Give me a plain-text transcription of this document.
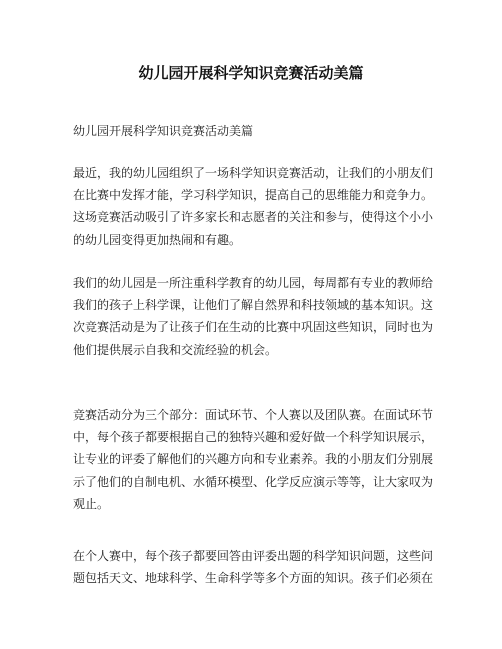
幼儿园开展科学知识竞赛活动美篇

幼儿园开展科学知识竞赛活动美篇

最近，我的幼儿园组织了一场科学知识竞赛活动，让我们的小朋友们
在比赛中发挥才能，学习科学知识，提高自己的思维能力和竞争力。
这场竞赛活动吸引了许多家长和志愿者的关注和参与，使得这个小小
的幼儿园变得更加热闹和有趣。

我们的幼儿园是一所注重科学教育的幼儿园，每周都有专业的教师给
我们的孩子上科学课，让他们了解自然界和科技领域的基本知识。这
次竞赛活动是为了让孩子们在生动的比赛中巩固这些知识，同时也为
他们提供展示自我和交流经验的机会。

竞赛活动分为三个部分：面试环节、个人赛以及团队赛。在面试环节
中，每个孩子都要根据自己的独特兴趣和爱好做一个科学知识展示，
让专业的评委了解他们的兴趣方向和专业素养。我的小朋友们分别展
示了他们的自制电机、水循环模型、化学反应演示等等，让大家叹为
观止。

在个人赛中，每个孩子都要回答由评委出题的科学知识问题，这些问
题包括天文、地球科学、生命科学等多个方面的知识。孩子们必须在
